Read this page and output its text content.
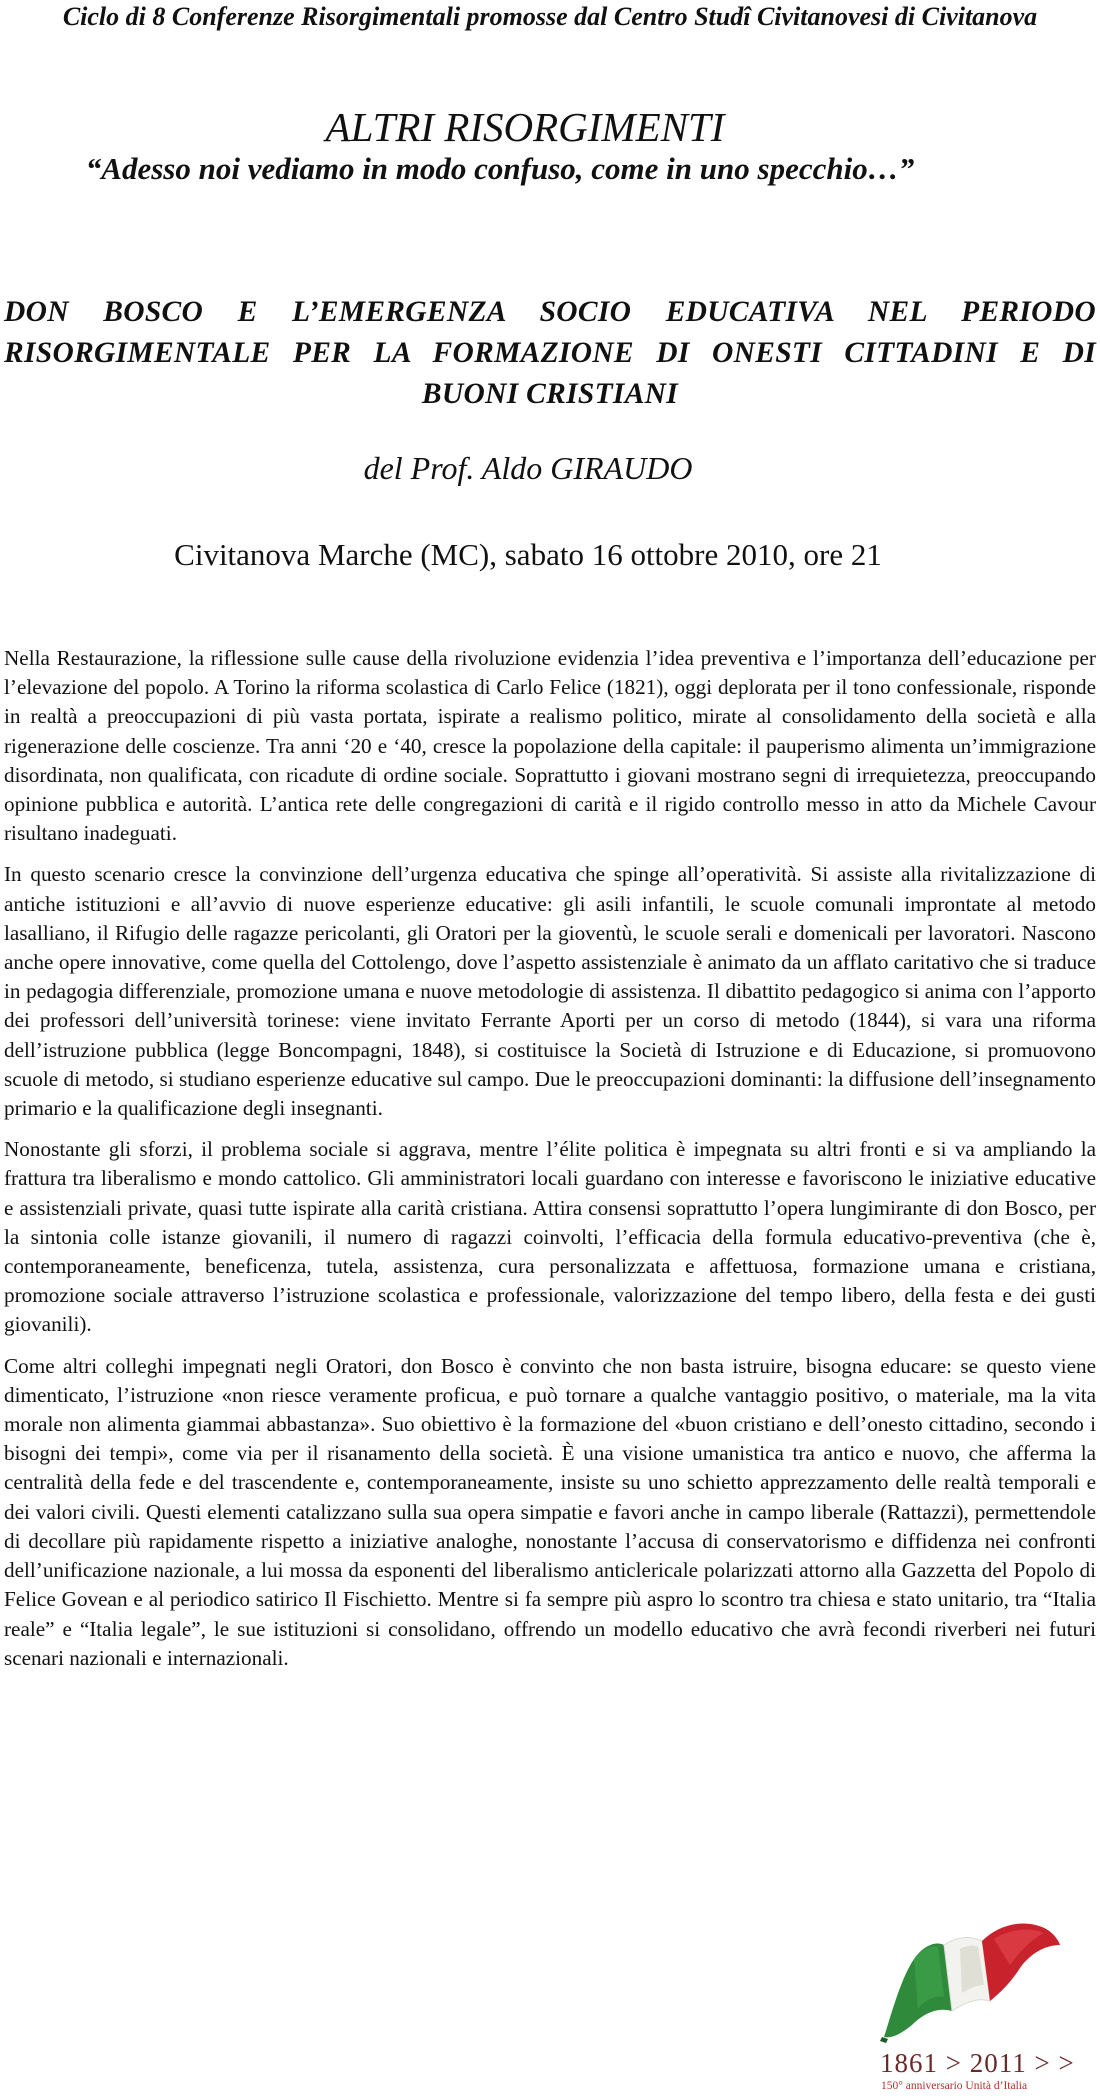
Ciclo di 8 Conferenze Risorgimentali promosse dal Centro Studî Civitanovesi di Civitanova
ALTRI RISORGIMENTI
“Adesso noi vediamo in modo confuso, come in uno specchio…”
DON BOSCO E L’EMERGENZA SOCIO EDUCATIVA NEL PERIODO
RISORGIMENTALE PER LA FORMAZIONE DI ONESTI CITTADINI E DI
BUONI CRISTIANI
del Prof. Aldo GIRAUDO
Civitanova Marche (MC), sabato 16 ottobre 2010, ore 21

Nella Restaurazione, la riflessione sulle cause della rivoluzione evidenzia l’idea preventiva e l’importanza dell’educazione per l’elevazione del popolo. A Torino la riforma scolastica di Carlo Felice (1821), oggi deplorata per il tono confessionale, risponde in realtà a preoccupazioni di più vasta portata, ispirate a realismo politico, mirate al consolidamento della società e alla rigenerazione delle coscienze. Tra anni ‘20 e ‘40, cresce la popolazione della capitale: il pauperismo alimenta un’immigrazione disordinata, non qualificata, con ricadute di ordine sociale. Soprattutto i giovani mostrano segni di irrequietezza, preoccupando opinione pubblica e autorità. L’antica rete delle congregazioni di carità e il rigido controllo messo in atto da Michele Cavour risultano inadeguati.

In questo scenario cresce la convinzione dell’urgenza educativa che spinge all’operatività. Si assiste alla rivitalizzazione di antiche istituzioni e all’avvio di nuove esperienze educative: gli asili infantili, le scuole comunali improntate al metodo lasalliano, il Rifugio delle ragazze pericolanti, gli Oratori per la gioventù, le scuole serali e domenicali per lavoratori. Nascono anche opere innovative, come quella del Cottolengo, dove l’aspetto assistenziale è animato da un afflato caritativo che si traduce in pedagogia differenziale, promozione umana e nuove metodologie di assistenza. Il dibattito pedagogico si anima con l’apporto dei professori dell’università torinese: viene invitato Ferrante Aporti per un corso di metodo (1844), si vara una riforma dell’istruzione pubblica (legge Boncompagni, 1848), si costituisce la Società di Istruzione e di Educazione, si promuovono scuole di metodo, si studiano esperienze educative sul campo. Due le preoccupazioni dominanti: la diffusione dell’insegnamento primario e la qualificazione degli insegnanti.

Nonostante gli sforzi, il problema sociale si aggrava, mentre l’élite politica è impegnata su altri fronti e si va ampliando la frattura tra liberalismo e mondo cattolico. Gli amministratori locali guardano con interesse e favoriscono le iniziative educative e assistenziali private, quasi tutte ispirate alla carità cristiana. Attira consensi soprattutto l’opera lungimirante di don Bosco, per la sintonia colle istanze giovanili, il numero di ragazzi coinvolti, l’efficacia della formula educativo-preventiva (che è, contemporaneamente, beneficenza, tutela, assistenza, cura personalizzata e affettuosa, formazione umana e cristiana, promozione sociale attraverso l’istruzione scolastica e professionale, valorizzazione del tempo libero, della festa e dei gusti giovanili).

Come altri colleghi impegnati negli Oratori, don Bosco è convinto che non basta istruire, bisogna educare: se questo viene dimenticato, l’istruzione «non riesce veramente proficua, e può tornare a qualche vantaggio positivo, o materiale, ma la vita morale non alimenta giammai abbastanza». Suo obiettivo è la formazione del «buon cristiano e dell’onesto cittadino, secondo i bisogni dei tempi», come via per il risanamento della società. È una visione umanistica tra antico e nuovo, che afferma la centralità della fede e del trascendente e, contemporaneamente, insiste su uno schietto apprezzamento delle realtà temporali e dei valori civili. Questi elementi catalizzano sulla sua opera simpatie e favori anche in campo liberale (Rattazzi), permettendole di decollare più rapidamente rispetto a iniziative analoghe, nonostante l’accusa di conservatorismo e diffidenza nei confronti dell’unificazione nazionale, a lui mossa da esponenti del liberalismo anticlericale polarizzati attorno alla Gazzetta del Popolo di Felice Govean e al periodico satirico Il Fischietto. Mentre si fa sempre più aspro lo scontro tra chiesa e stato unitario, tra “Italia reale” e “Italia legale”, le sue istituzioni si consolidano, offrendo un modello educativo che avrà fecondi riverberi nei futuri scenari nazionali e internazionali.

1861 > 2011 > >
150° anniversario Unità d’Italia
